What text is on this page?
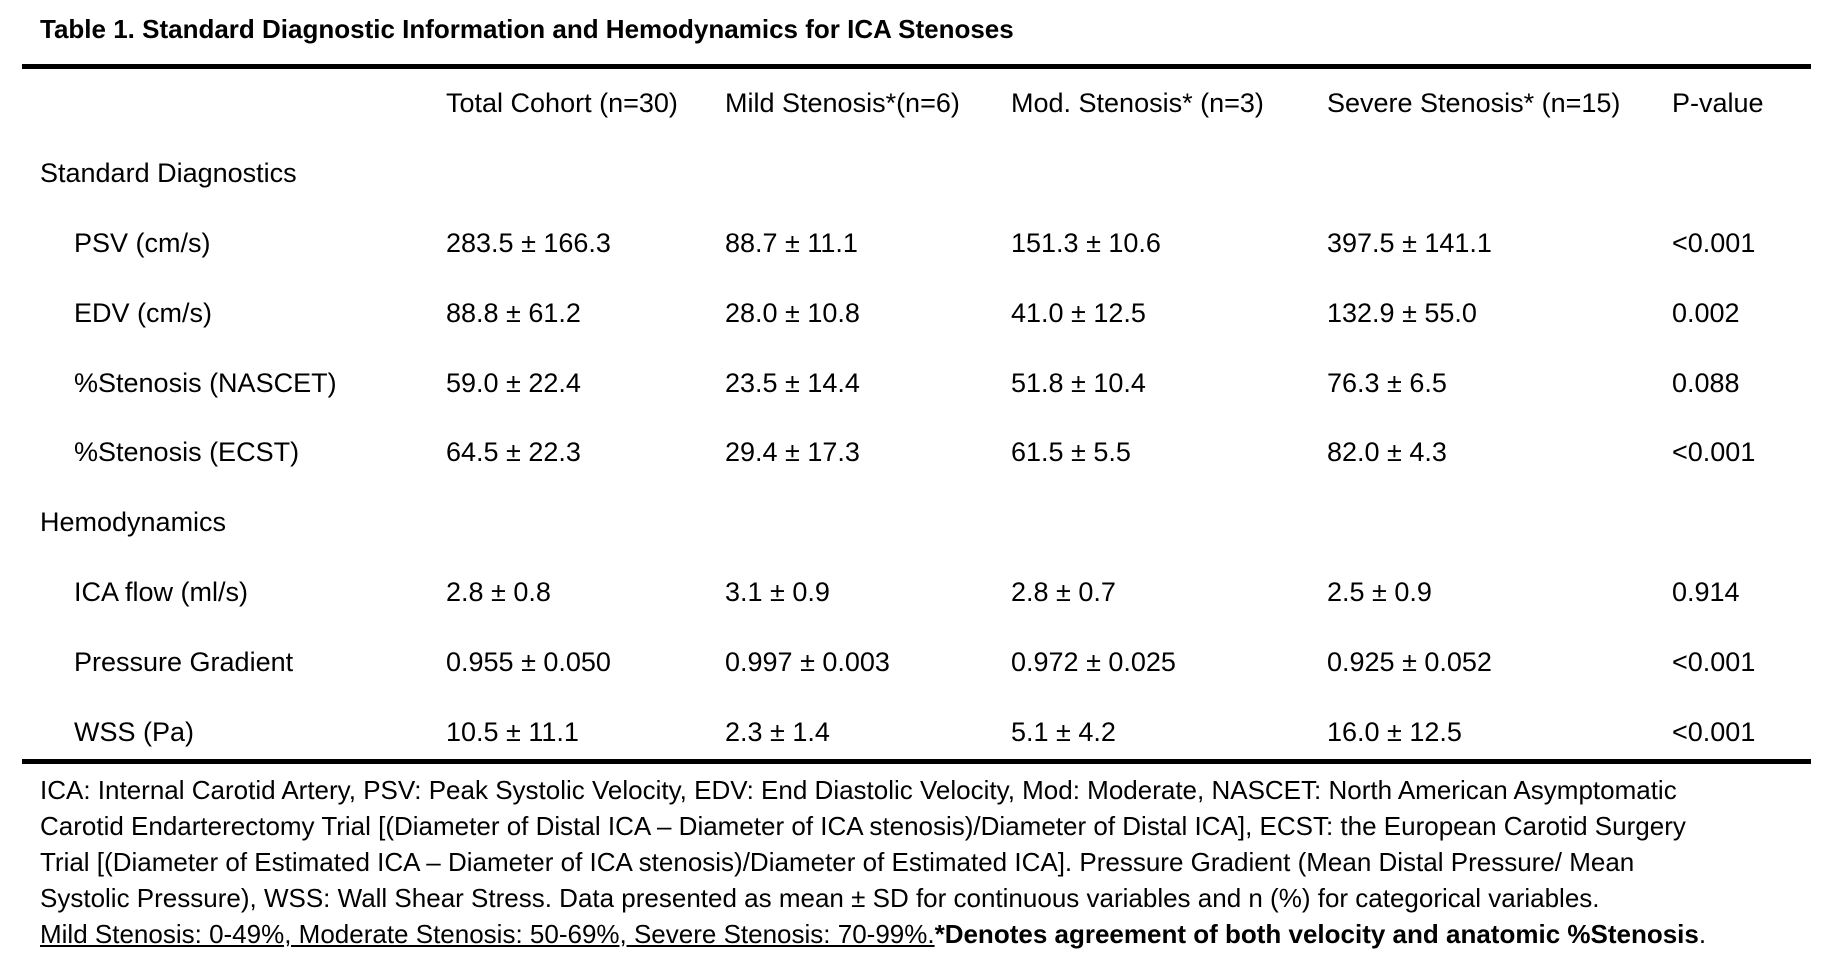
Table 1. Standard Diagnostic Information and Hemodynamics for ICA Stenoses
	Total Cohort (n=30)	Mild Stenosis*(n=6)	Mod. Stenosis* (n=3)	Severe Stenosis* (n=15)	P-value
Standard Diagnostics					
PSV (cm/s)	283.5 ± 166.3	88.7 ± 11.1	151.3 ± 10.6	397.5 ± 141.1	<0.001
EDV (cm/s)	88.8 ± 61.2	28.0 ± 10.8	41.0 ± 12.5	132.9 ± 55.0	0.002
%Stenosis (NASCET)	59.0 ± 22.4	23.5 ± 14.4	51.8 ± 10.4	76.3 ± 6.5	0.088
%Stenosis (ECST)	64.5 ± 22.3	29.4 ± 17.3	61.5 ± 5.5	82.0 ± 4.3	<0.001
Hemodynamics					
ICA flow (ml/s)	2.8 ± 0.8	3.1 ± 0.9	2.8 ± 0.7	2.5 ± 0.9	0.914
Pressure Gradient	0.955 ± 0.050	0.997 ± 0.003	0.972 ± 0.025	0.925 ± 0.052	<0.001
WSS (Pa)	10.5 ± 11.1	2.3 ± 1.4	5.1 ± 4.2	16.0 ± 12.5	<0.001

ICA: Internal Carotid Artery, PSV: Peak Systolic Velocity, EDV: End Diastolic Velocity, Mod: Moderate, NASCET: North American Asymptomatic

Carotid Endarterectomy Trial [(Diameter of Distal ICA – Diameter of ICA stenosis)/Diameter of Distal ICA], ECST: the European Carotid Surgery

Trial [(Diameter of Estimated ICA – Diameter of ICA stenosis)/Diameter of Estimated ICA]. Pressure Gradient (Mean Distal Pressure/ Mean

Systolic Pressure), WSS: Wall Shear Stress. Data presented as mean ± SD for continuous variables and n (%) for categorical variables.

Mild Stenosis: 0-49%, Moderate Stenosis: 50-69%, Severe Stenosis: 70-99%.*Denotes agreement of both velocity and anatomic %Stenosis.
